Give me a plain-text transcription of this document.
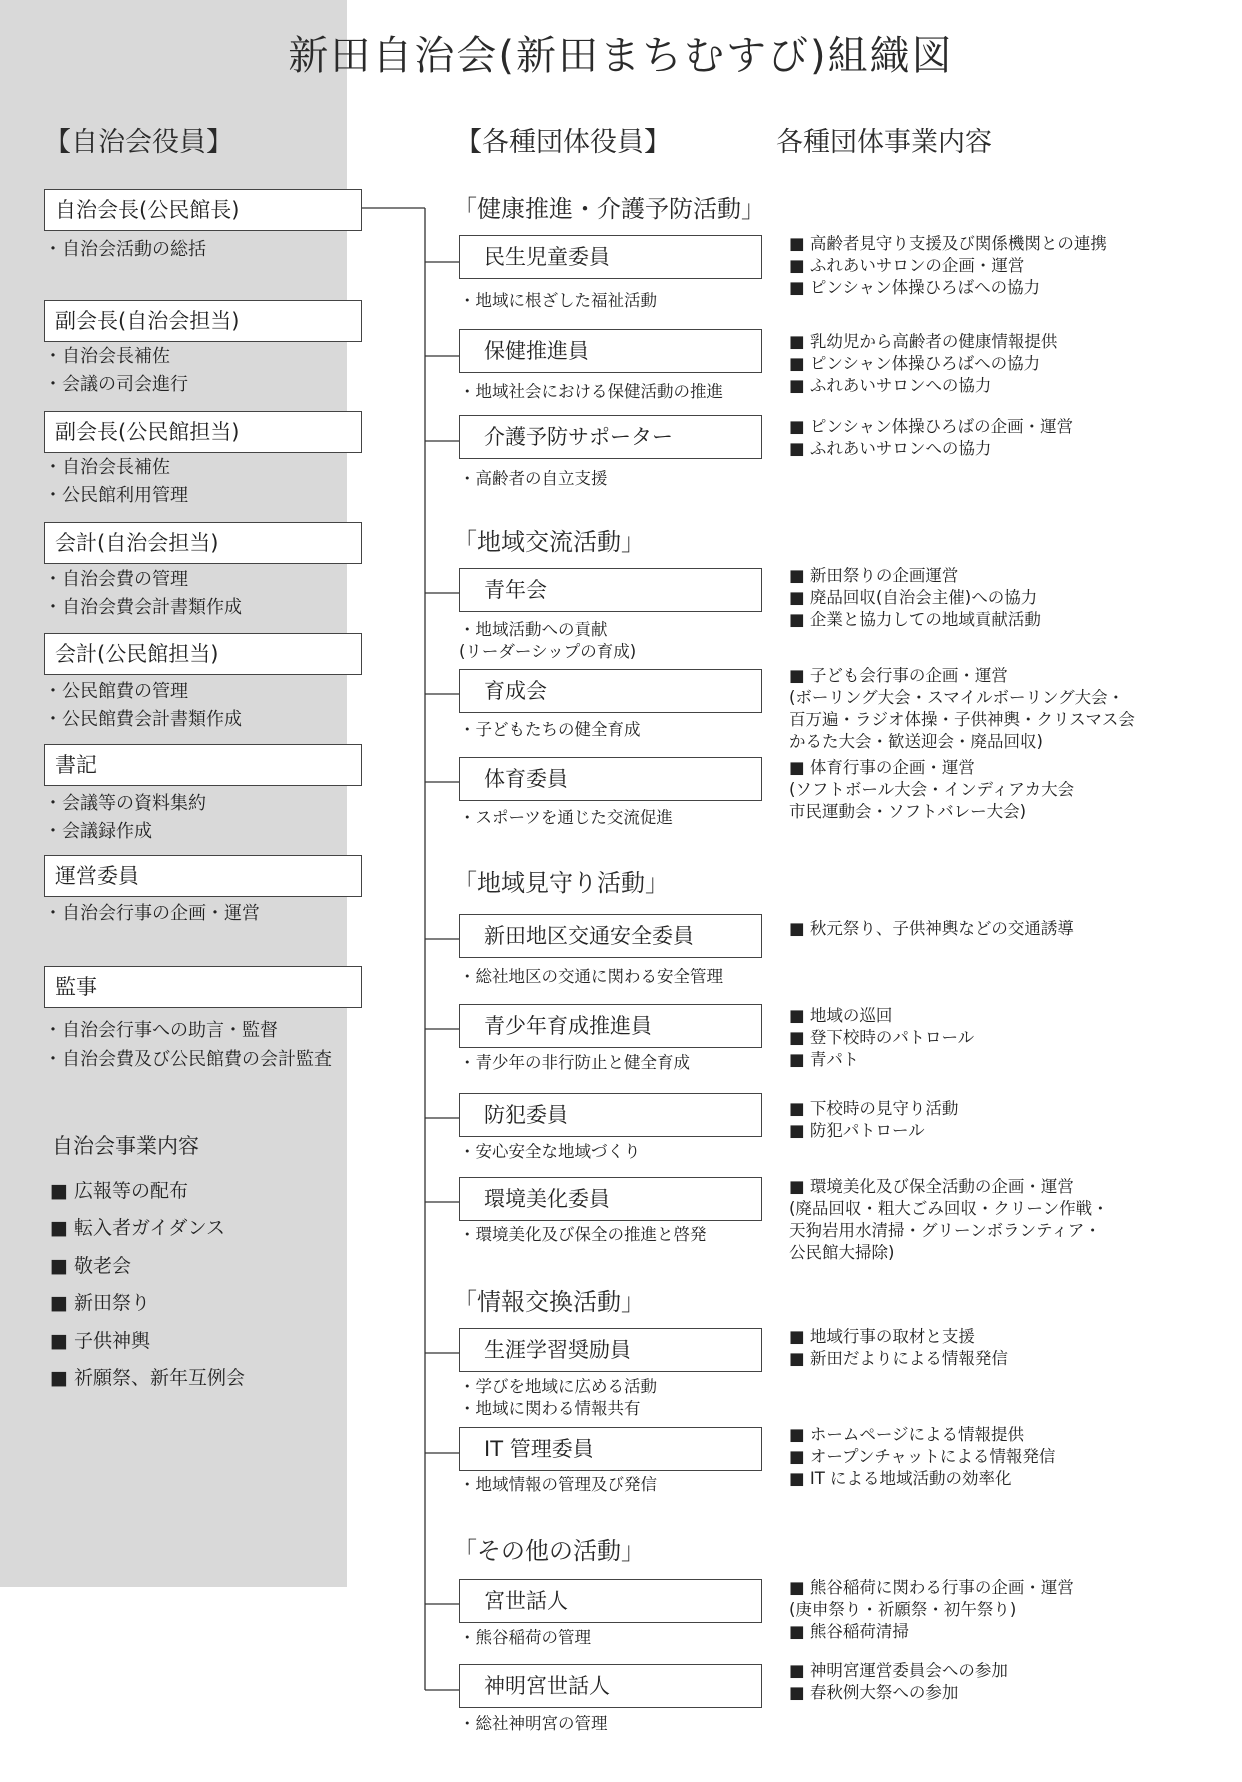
新田自治会(新田まちむすび)組織図
【自治会役員】	【各種団体役員】	各種団体事業内容
自治会長(公民館長)
・自治会活動の総括
副会長(自治会担当)
・自治会長補佐
・会議の司会進行
副会長(公民館担当)
・自治会長補佐
・公民館利用管理
会計(自治会担当)
・自治会費の管理
・自治会費会計書類作成
会計(公民館担当)
・公民館費の管理
・公民館費会計書類作成
書記
・会議等の資料集約
・会議録作成
運営委員
・自治会行事の企画・運営
監事
・自治会行事への助言・監督
・自治会費及び公民館費の会計監査
自治会事業内容
■ 広報等の配布
■ 転入者ガイダンス
■ 敬老会
■ 新田祭り
■ 子供神輿
■ 祈願祭、新年互例会
「健康推進・介護予防活動」
「地域交流活動」
「地域見守り活動」
「情報交換活動」
「その他の活動」
民生児童委員
・地域に根ざした福祉活動
■ 高齢者見守り支援及び関係機関との連携
■ ふれあいサロンの企画・運営
■ ピンシャン体操ひろばへの協力
保健推進員
・地域社会における保健活動の推進
■ 乳幼児から高齢者の健康情報提供
■ ピンシャン体操ひろばへの協力
■ ふれあいサロンへの協力
介護予防サポーター
・高齢者の自立支援
■ ピンシャン体操ひろばの企画・運営
■ ふれあいサロンへの協力
青年会
・地域活動への貢献
(リーダーシップの育成)
■ 新田祭りの企画運営
■ 廃品回収(自治会主催)への協力
■ 企業と協力しての地域貢献活動
育成会
・子どもたちの健全育成
■ 子ども会行事の企画・運営
(ボーリング大会・スマイルボーリング大会・
百万遍・ラジオ体操・子供神輿・クリスマス会
かるた大会・歓送迎会・廃品回収)
体育委員
・スポーツを通じた交流促進
■ 体育行事の企画・運営
(ソフトボール大会・インディアカ大会
市民運動会・ソフトバレー大会)
新田地区交通安全委員
・総社地区の交通に関わる安全管理
■ 秋元祭り、子供神輿などの交通誘導
青少年育成推進員
・青少年の非行防止と健全育成
■ 地域の巡回
■ 登下校時のパトロール
■ 青パト
防犯委員
・安心安全な地域づくり
■ 下校時の見守り活動
■ 防犯パトロール
環境美化委員
・環境美化及び保全の推進と啓発
■ 環境美化及び保全活動の企画・運営
(廃品回収・粗大ごみ回収・クリーン作戦・
天狗岩用水清掃・グリーンボランティア・
公民館大掃除)
生涯学習奨励員
・学びを地域に広める活動
・地域に関わる情報共有
■ 地域行事の取材と支援
■ 新田だよりによる情報発信
IT 管理委員
・地域情報の管理及び発信
■ ホームページによる情報提供
■ オープンチャットによる情報発信
■ IT による地域活動の効率化
宮世話人
・熊谷稲荷の管理
■ 熊谷稲荷に関わる行事の企画・運営
(庚申祭り・祈願祭・初午祭り)
■ 熊谷稲荷清掃
神明宮世話人
・総社神明宮の管理
■ 神明宮運営委員会への参加
■ 春秋例大祭への参加
